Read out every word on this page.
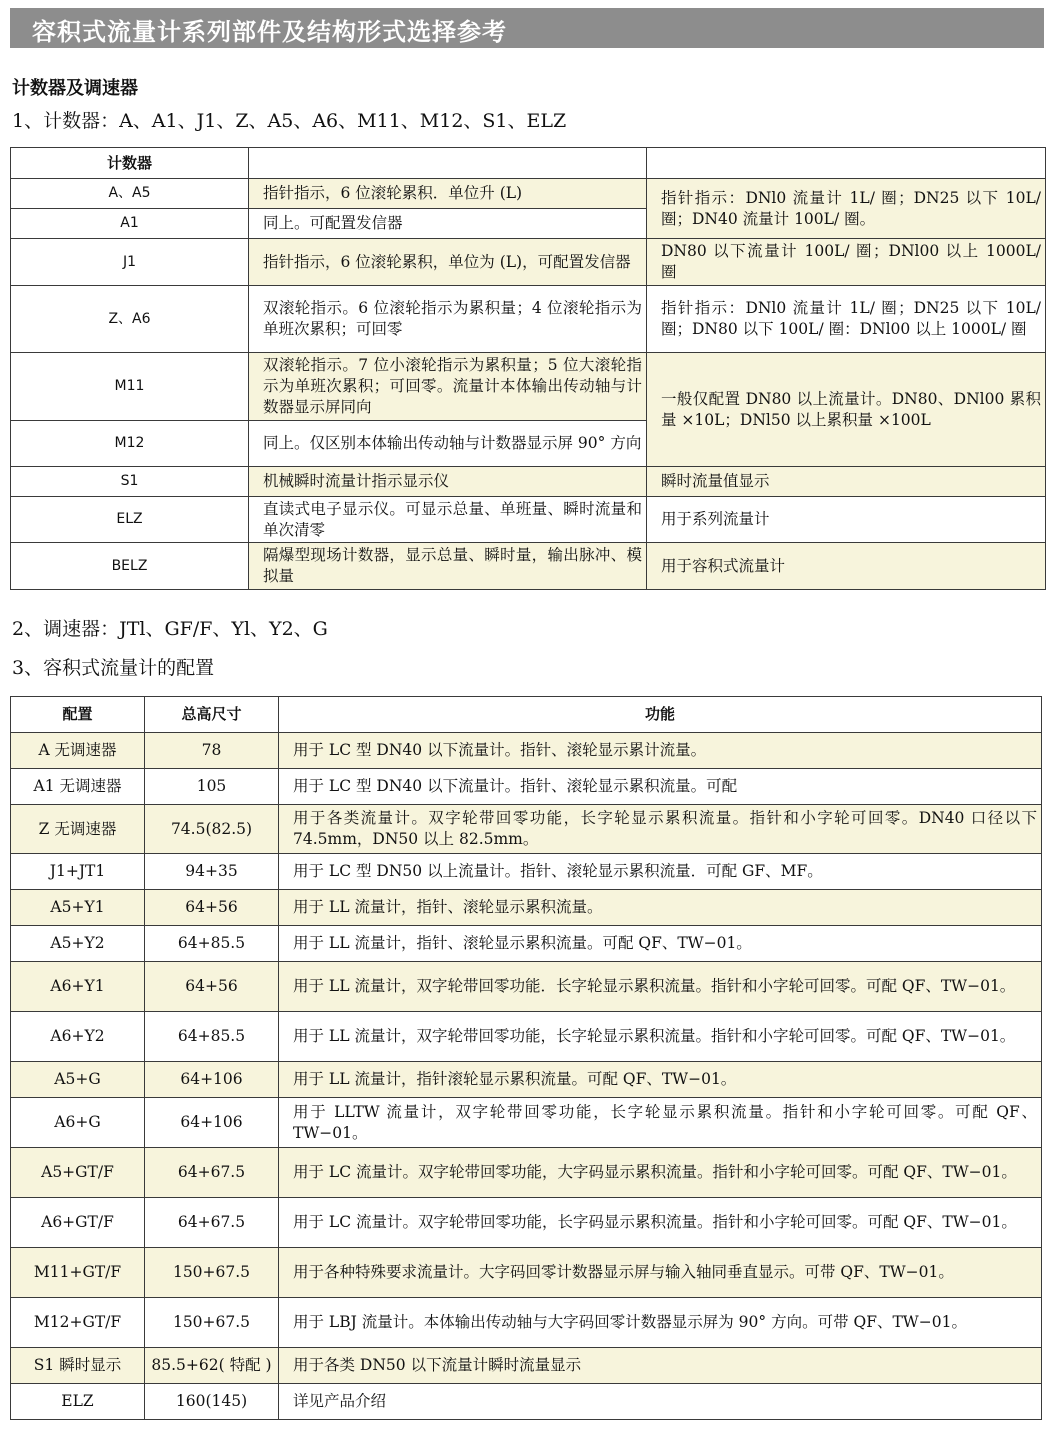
容积式流量计系列部件及结构形式选择参考
计数器及调速器
1、计数器：A、A1、J1、Z、A5、A6、M11、M12、S1、ELZ
计数器		
A、A5	指针指示，6 位滚轮累积．单位升 (L)	指针指示：DNl0 流量计 1L/ 圈；DN25 以下 10L/ 圈；DN40 流量计 100L/ 圈。
A1	同上。可配置发信器	
J1	指针指示，6 位滚轮累积，单位为 (L)，可配置发信器	DN80 以下流量计 100L/ 圈；DNl00 以上 1000L/ 圈
Z、A6	双滚轮指示。6 位滚轮指示为累积量；4 位滚轮指示为单班次累积；可回零	指针指示：DNl0 流量计 1L/ 圈；DN25 以下 10L/ 圈；DN80 以下 100L/ 圈：DNl00 以上 1000L/ 圈
M11	双滚轮指示。7 位小滚轮指示为累积量；5 位大滚轮指示为单班次累积；可回零。流量计本体输出传动轴与计数器显示屏同向	一般仅配置 DN80 以上流量计。DN80、DNl00 累积量 ×10L；DNl50 以上累积量 ×100L
M12	同上。仅区别本体输出传动轴与计数器显示屏 90° 方向	
S1	机械瞬时流量计指示显示仪	瞬时流量值显示
ELZ	直读式电子显示仪。可显示总量、单班量、瞬时流量和单次清零	用于系列流量计
BELZ	隔爆型现场计数器，显示总量、瞬时量，输出脉冲、模拟量	用于容积式流量计
2、调速器：JTl、GF/F、Yl、Y2、G
3、容积式流量计的配置
配置	总高尺寸	功能
A 无调速器	78	用于 LC 型 DN40 以下流量计。指针、滚轮显示累计流量。
A1 无调速器	105	用于 LC 型 DN40 以下流量计。指针、滚轮显示累积流量。可配
Z 无调速器	74.5(82.5)	用于各类流量计。双字轮带回零功能，长字轮显示累积流量。指针和小字轮可回零。DN40 口径以下 74.5mm，DN50 以上 82.5mm。
J1+JT1	94+35	用于 LC 型 DN50 以上流量计。指针、滚轮显示累积流量．可配 GF、MF。
A5+Y1	64+56	用于 LL 流量计，指针、滚轮显示累积流量。
A5+Y2	64+85.5	用于 LL 流量计，指针、滚轮显示累积流量。可配 QF、TW−01。
A6+Y1	64+56	用于 LL 流量计，双字轮带回零功能．长字轮显示累积流量。指针和小字轮可回零。可配 QF、TW−01。
A6+Y2	64+85.5	用于 LL 流量计，双字轮带回零功能，长字轮显示累积流量。指针和小字轮可回零。可配 QF、TW−01。
A5+G	64+106	用于 LL 流量计，指针滚轮显示累积流量。可配 QF、TW−01。
A6+G	64+106	用于 LLTW 流量计，双字轮带回零功能，长字轮显示累积流量。指针和小字轮可回零。可配 QF、TW−01。
A5+GT/F	64+67.5	用于 LC 流量计。双字轮带回零功能，大字码显示累积流量。指针和小字轮可回零。可配 QF、TW−01。
A6+GT/F	64+67.5	用于 LC 流量计。双字轮带回零功能，长字码显示累积流量。指针和小字轮可回零。可配 QF、TW−01。
M11+GT/F	150+67.5	用于各种特殊要求流量计。大字码回零计数器显示屏与输入轴同垂直显示。可带 QF、TW−01。
M12+GT/F	150+67.5	用于 LBJ 流量计。本体输出传动轴与大字码回零计数器显示屏为 90° 方向。可带 QF、TW−01。
S1 瞬时显示	85.5+62( 特配 )	用于各类 DN50 以下流量计瞬时流量显示
ELZ	160(145)	详见产品介绍
